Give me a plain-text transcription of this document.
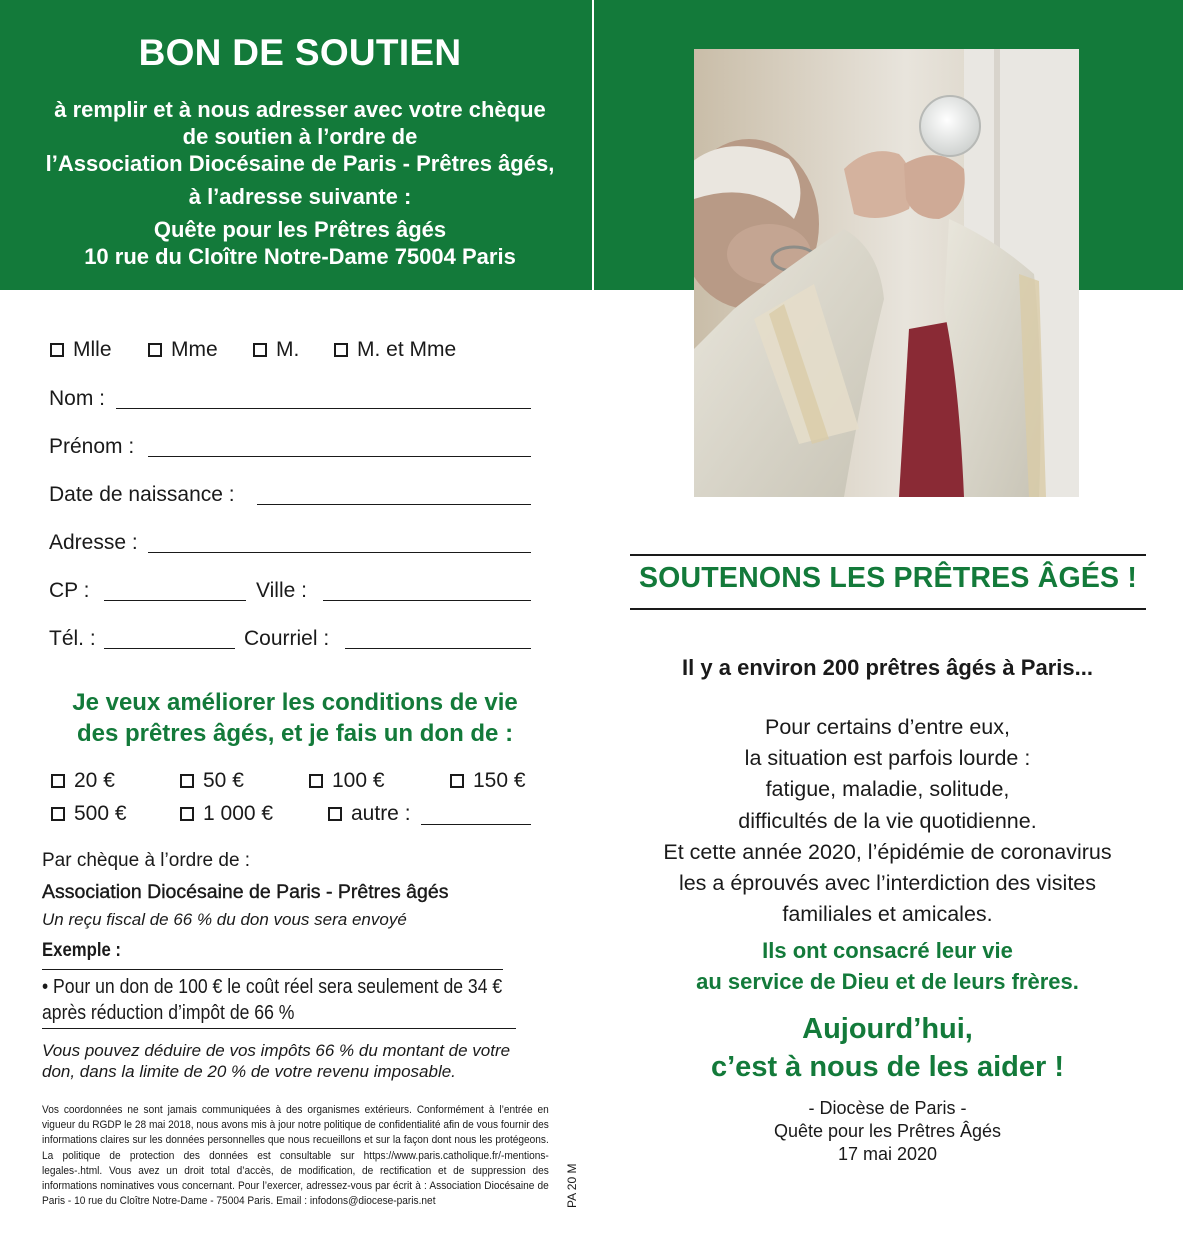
BON DE SOUTIEN
à remplir et à nous adresser avec votre chèque
de soutien à l’ordre de
l’Association Diocésaine de Paris - Prêtres âgés,
à l’adresse suivante :
Quête pour les Prêtres âgés
10 rue du Cloître Notre-Dame 75004 Paris
Mlle	Mme	M.	M. et Mme
Nom :
Prénom :
Date de naissance :
Adresse :
CP :	Ville :
Tél. :	Courriel :
Je veux améliorer les conditions de vie
des prêtres âgés, et je fais un don de :
20 €	50 €	100 €	150 €
500 €	1 000 €	autre :
Par chèque à l’ordre de :
Association Diocésaine de Paris - Prêtres âgés
Un reçu fiscal de 66 % du don vous sera envoyé
Exemple :
• Pour un don de 100 € le coût réel sera seulement de 34 €
après réduction d’impôt de 66 %
Vous pouvez déduire de vos impôts 66 % du montant de votre
don, dans la limite de 20 % de votre revenu imposable.
Vos coordonnées ne sont jamais communiquées à des organismes extérieurs. Conformément à l’entrée en vigueur du RGDP le 28 mai 2018, nous avons mis à jour notre politique de confidentialité afin de vous fournir des informations claires sur les données personnelles que nous recueillons et sur la façon dont nous les protégeons. La politique de protection des données est consultable sur https://www.paris.catholique.fr/-mentions-legales-.html. Vous avez un droit total d’accès, de modification, de rectification et de suppression des informations nominatives vous concernant. Pour l’exercer, adressez-vous par écrit à : Association Diocésaine de Paris - 10 rue du Cloître Notre-Dame - 75004 Paris. Email : infodons@diocese-paris.net	PA 20 M
SOUTENONS LES PRÊTRES ÂGÉS !
Il y a environ 200 prêtres âgés à Paris...
Pour certains d’entre eux,
la situation est parfois lourde :
fatigue, maladie, solitude,
difficultés de la vie quotidienne.
Et cette année 2020, l’épidémie de coronavirus
les a éprouvés avec l’interdiction des visites
familiales et amicales.
Ils ont consacré leur vie
au service de Dieu et de leurs frères.
Aujourd’hui,
c’est à nous de les aider !
- Diocèse de Paris -
Quête pour les Prêtres Âgés
17 mai 2020
